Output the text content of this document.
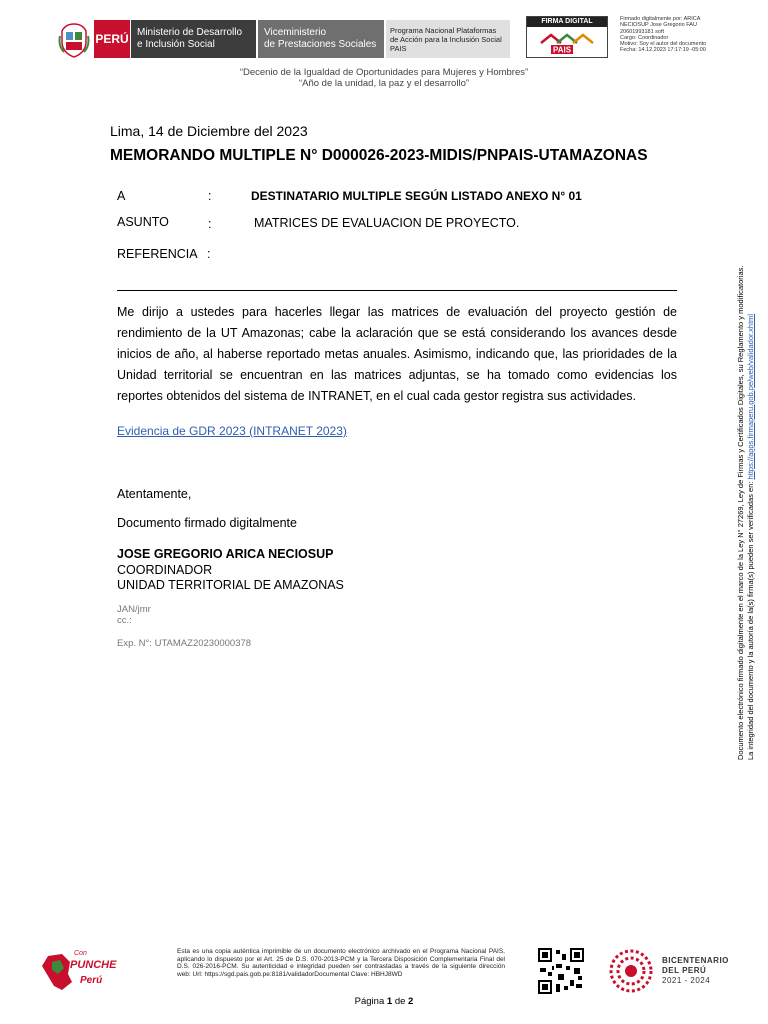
PERÚ Ministerio de Desarrollo
e Inclusión Social
Viceministerio
de Prestaciones Sociales
Programa Nacional Plataformas
de Acción para la Inclusión Social
PAIS
FIRMA DIGITAL
PAIS
Firmado digitalmente por: ARICA
NECIOSUP Jose Gregorio FAU
20601993181 soft
Cargo: Coordinador
Motivo: Soy el autor del documento
Fecha: 14.12.2023 17:17:19 -05:00
“Decenio de la Igualdad de Oportunidades para Mujeres y Hombres”
“Año de la unidad, la paz y el desarrollo”
Lima, 14 de Diciembre del 2023
MEMORANDO MULTIPLE N° D000026-2023-MIDIS/PNPAIS-UTAMAZONAS
A	:	DESTINATARIO MULTIPLE SEGÚN LISTADO ANEXO N° 01
ASUNTO	:	MATRICES DE EVALUACION DE PROYECTO.
REFERENCIA :
Me dirijo a ustedes para hacerles llegar las matrices de evaluación del proyecto gestión de rendimiento de la UT Amazonas; cabe la aclaración que se está considerando los avances desde inicios de año, al haberse reportado metas anuales. Asimismo, indicando que, las prioridades de la Unidad territorial se encuentran en las matrices adjuntas, se ha tomado como evidencias los reportes obtenidos del sistema de INTRANET, en el cual cada gestor registra sus actividades.
Evidencia de GDR 2023 (INTRANET 2023)
Atentamente,
Documento firmado digitalmente
JOSE GREGORIO ARICA NECIOSUP
COORDINADOR
UNIDAD TERRITORIAL DE AMAZONAS
JAN/jmr
cc.:
Exp. N°: UTAMAZ20230000378	Documento electrónico firmado digitalmente en el marco de la Ley N° 27269, Ley de Firmas y Certificados Digitales, su Reglamento y modificatorias. La integridad del documento y la autoría de la(s) firma(s) pueden ser verificadas en: https://apps.firmaperu.gob.pe/web/validador.xhtml
Con
PUNCHE
Perú
Esta es una copia auténtica imprimible de un documento electrónico archivado en el Programa Nacional PAIS, aplicando lo dispuesto por el Art. 25 de D.S. 070-2013-PCM y la Tercera Disposición Complementaria Final del D.S. 026-2016-PCM. Su autenticidad e integridad pueden ser contrastadas a través de la siguiente dirección web: Url: https://sgd.pais.gob.pe:8181/validadorDocumental Clave: HBHJ8WD
BICENTENARIO
DEL PERÚ
2021 - 2024
Página 1 de 2
